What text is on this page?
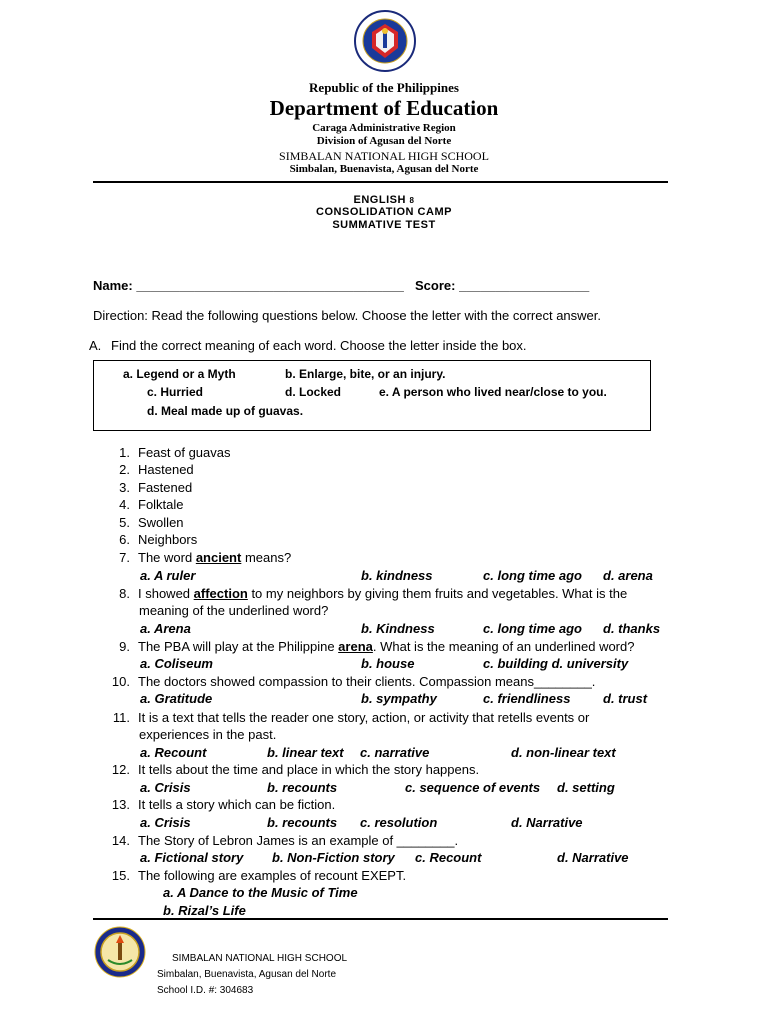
Republic of the Philippines
Department of Education
Caraga Administrative Region
Division of Agusan del Norte
SIMBALAN NATIONAL HIGH SCHOOL
Simbalan, Buenavista, Agusan del Norte
ENGLISH 8
CONSOLIDATION CAMP
SUMMATIVE TEST
Name: _____________________________________ Score: __________________
Direction: Read the following questions below. Choose the letter with the correct answer.
A. Find the correct meaning of each word. Choose the letter inside the box.
a. Legend or a Myth	b. Enlarge, bite, or an injury.
c. Hurried	d. Locked	e. A person who lived near/close to you.
d. Meal made up of guavas.
1. Feast of guavas
2. Hastened
3. Fastened
4. Folktale
5. Swollen
6. Neighbors
7. The word ancient means?
a. A ruler	b. kindness	c. long time ago d. arena
8. I showed affection to my neighbors by giving them fruits and vegetables. What is the
meaning of the underlined word?
a. Arena	b. Kindness	c. long time ago d. thanks
9. The PBA will play at the Philippine arena. What is the meaning of an underlined word?
a. Coliseum	b. house	c. building d. university
10. The doctors showed compassion to their clients. Compassion means________.
a. Gratitude	b. sympathy	c. friendliness	d. trust
11. It is a text that tells the reader one story, action, or activity that retells events or
experiences in the past.
a. Recount	b. linear text c. narrative	d. non-linear text
12. It tells about the time and place in which the story happens.
a. Crisis	b. recounts	c. sequence of events d. setting
13. It tells a story which can be fiction.
a. Crisis	b. recounts c. resolution	d. Narrative
14. The Story of Lebron James is an example of ________.
a. Fictional story b. Non-Fiction story c. Recount	d. Narrative
15. The following are examples of recount EXEPT.
a. A Dance to the Music of Time
b. Rizal’s Life
SIMBALAN NATIONAL HIGH SCHOOL
Simbalan, Buenavista, Agusan del Norte
School I.D. #: 304683
